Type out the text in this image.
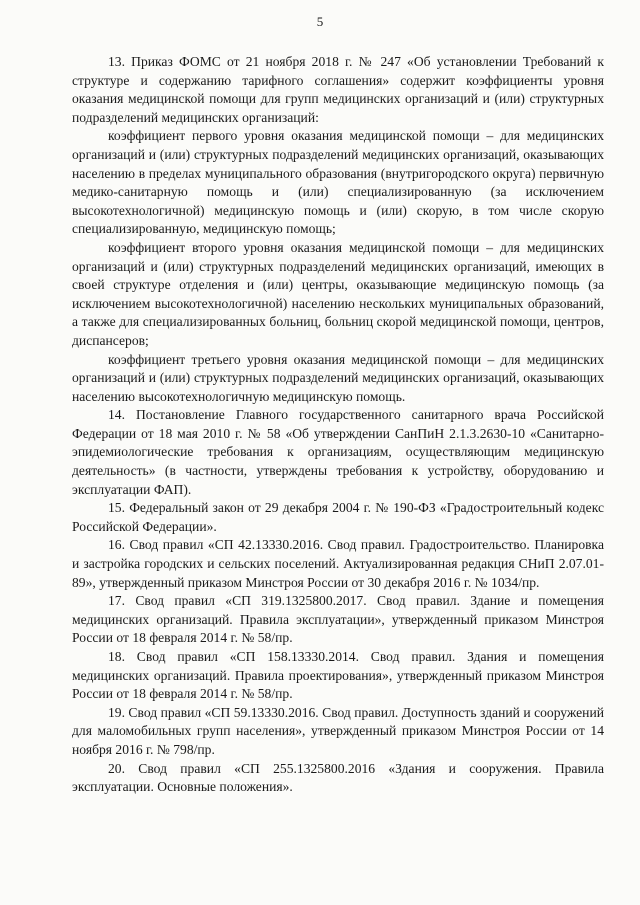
5

13. Приказ ФОМС от 21 ноября 2018 г. № 247 «Об установлении Требований к структуре и содержанию тарифного соглашения» содержит коэффициенты уровня оказания медицинской помощи для групп медицинских организаций и (или) структурных подразделений медицинских организаций:

коэффициент первого уровня оказания медицинской помощи – для медицинских организаций и (или) структурных подразделений медицинских организаций, оказывающих населению в пределах муниципального образования (внутригородского округа) первичную медико-санитарную помощь и (или) специализированную (за исключением высокотехнологичной) медицинскую помощь и (или) скорую, в том числе скорую специализированную, медицинскую помощь;

коэффициент второго уровня оказания медицинской помощи – для медицинских организаций и (или) структурных подразделений медицинских организаций, имеющих в своей структуре отделения и (или) центры, оказывающие медицинскую помощь (за исключением высокотехнологичной) населению нескольких муниципальных образований, а также для специализированных больниц, больниц скорой медицинской помощи, центров, диспансеров;

коэффициент третьего уровня оказания медицинской помощи – для медицинских организаций и (или) структурных подразделений медицинских организаций, оказывающих населению высокотехнологичную медицинскую помощь.

14. Постановление Главного государственного санитарного врача Российской Федерации от 18 мая 2010 г. № 58 «Об утверждении СанПиН 2.1.3.2630-10 «Санитарно-эпидемиологические требования к организациям, осуществляющим медицинскую деятельность» (в частности, утверждены требования к устройству, оборудованию и эксплуатации ФАП).

15. Федеральный закон от 29 декабря 2004 г. № 190-ФЗ «Градостроительный кодекс Российской Федерации».

16. Свод правил «СП 42.13330.2016. Свод правил. Градостроительство. Планировка и застройка городских и сельских поселений. Актуализированная редакция СНиП 2.07.01-89», утвержденный приказом Минстроя России от 30 декабря 2016 г. № 1034/пр.

17. Свод правил «СП 319.1325800.2017. Свод правил. Здание и помещения медицинских организаций. Правила эксплуатации», утвержденный приказом Минстроя России от 18 февраля 2014 г. № 58/пр.

18. Свод правил «СП 158.13330.2014. Свод правил. Здания и помещения медицинских организаций. Правила проектирования», утвержденный приказом Минстроя России от 18 февраля 2014 г. № 58/пр.

19. Свод правил «СП 59.13330.2016. Свод правил. Доступность зданий и сооружений для маломобильных групп населения», утвержденный приказом Минстроя России от 14 ноября 2016 г. № 798/пр.

20. Свод правил «СП 255.1325800.2016 «Здания и сооружения. Правила эксплуатации. Основные положения».
